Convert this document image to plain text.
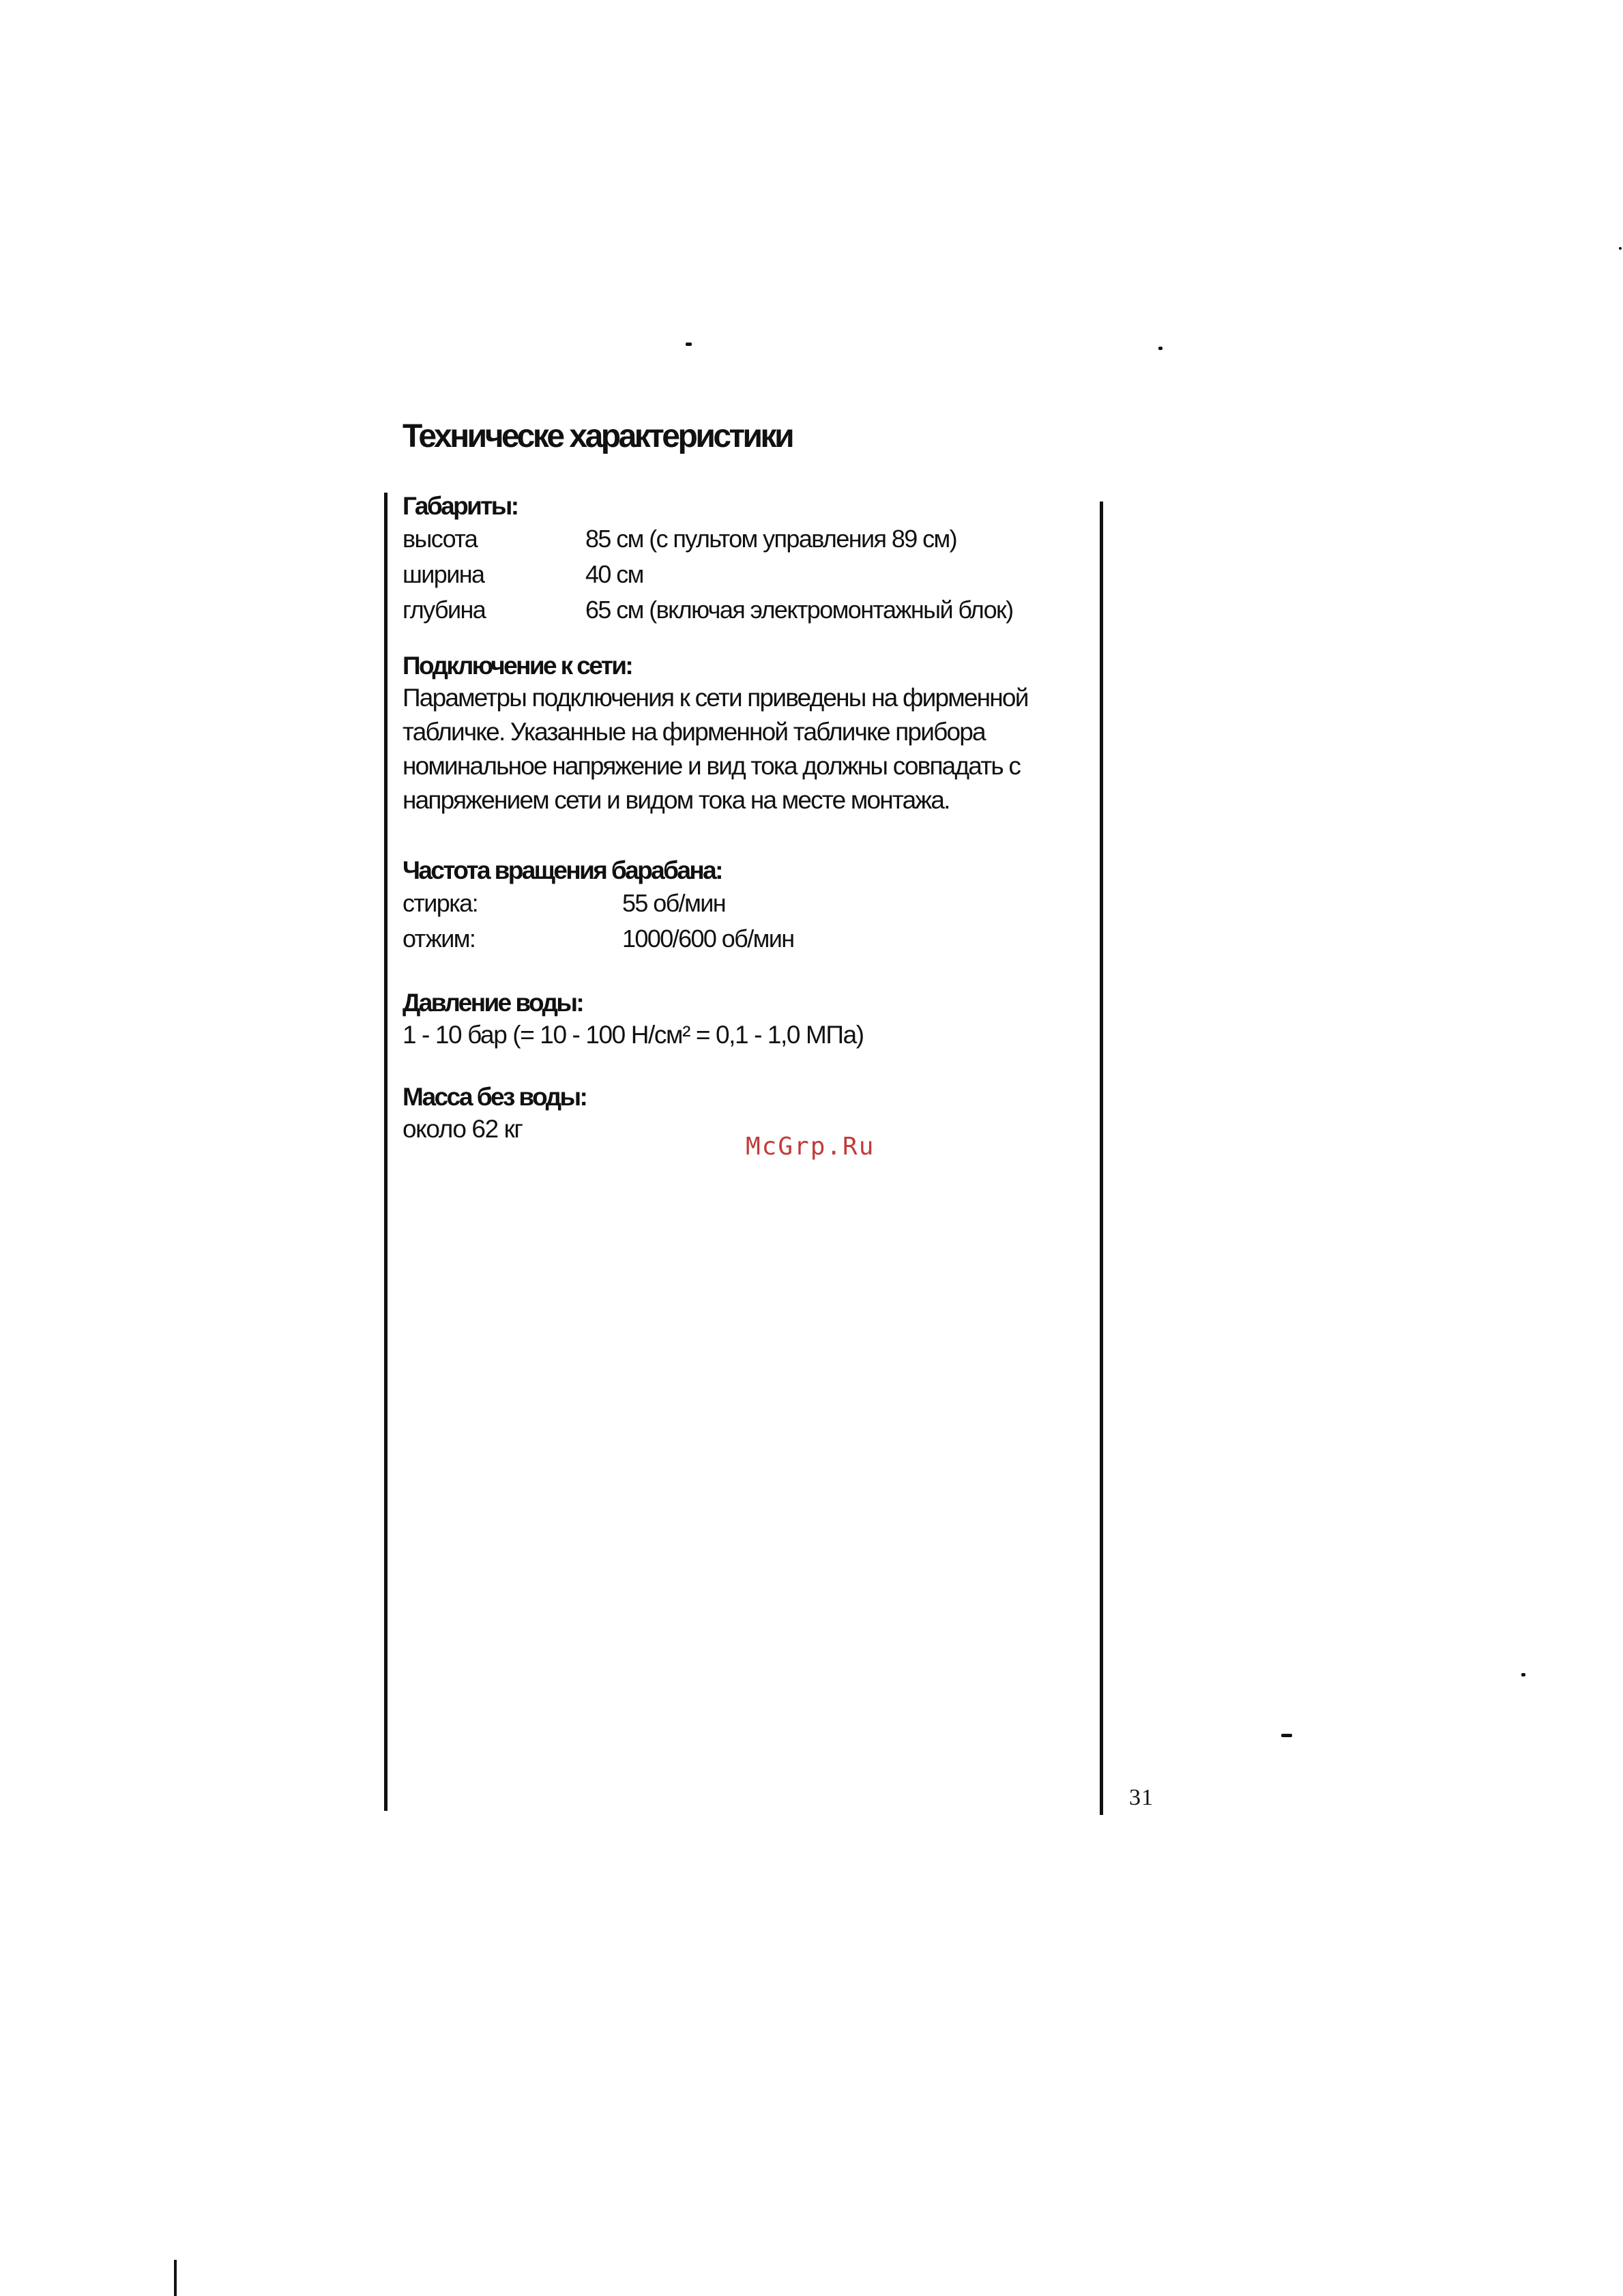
Техническе характеристики
Габариты:
высота	85 см (с пультом управления 89 см)
ширина	40 см
глубина	65 см (включая электромонтажный блок)
Подключение к сети:
Параметры подключения к сети приведены на фирменной
табличке. Указанные на фирменной табличке прибора
номинальное напряжение и вид тока должны совпадать с
напряжением сети и видом тока на месте монтажа.
Частота вращения барабана:
стирка:	55 об/мин
отжим:	1000/600 об/мин
Давление воды:
1 - 10 бар (= 10 - 100 Н/см² = 0,1 - 1,0 МПа)
Масса без воды:
около 62 кг
McGrp.Ru
31
